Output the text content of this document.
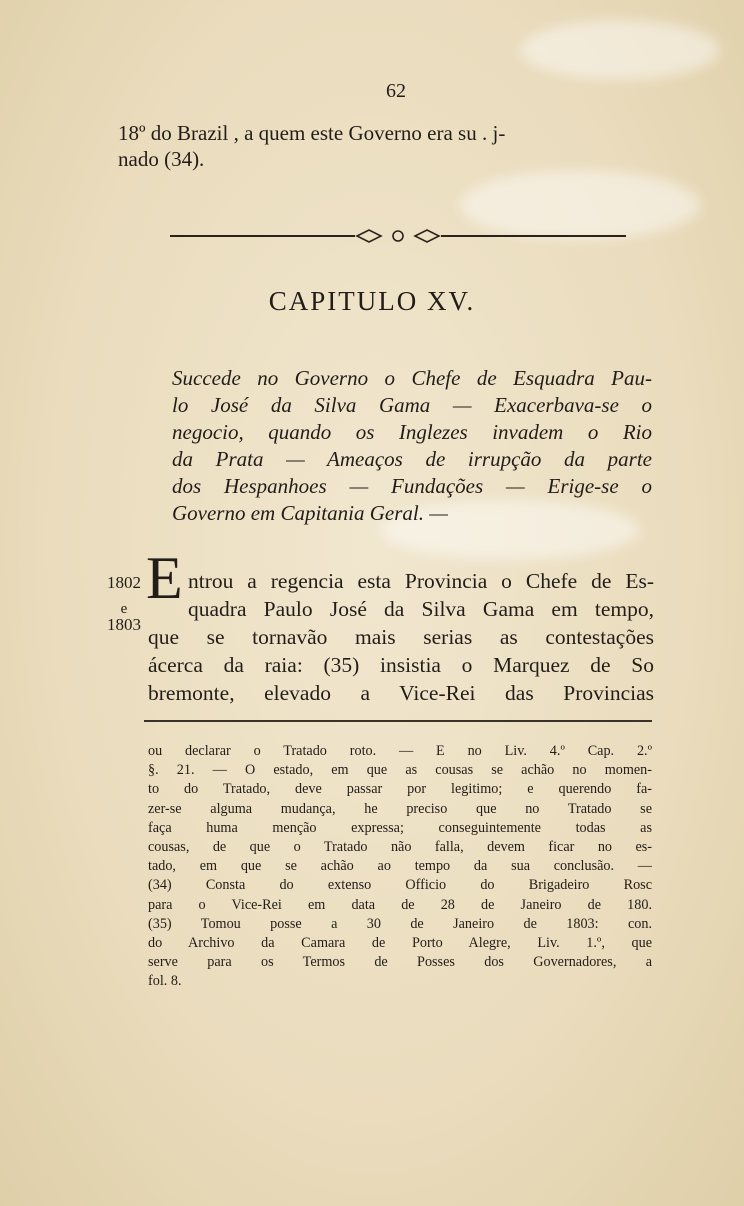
62
18º do Brazil , a quem este Governo era su . j-
nado (34).
CAPITULO XV.
Succede no Governo o Chefe de Esquadra Pau-
lo José da Silva Gama — Exacerbava-se o
negocio, quando os Inglezes invadem o Rio
da Prata — Ameaços de irrupção da parte
dos Hespanhoes — Fundações — Erige-se o
Governo em Capitania Geral. —
1802
e
1803
E ntrou a regencia esta Provincia o Chefe de Es-
quadra Paulo José da Silva Gama em tempo,
que se tornavão mais serias as contestações
ácerca da raia: (35) insistia o Marquez de So
bremonte, elevado a Vice-Rei das Provincias
ou declarar o Tratado roto. — E no Liv. 4.º Cap. 2.º
§. 21. — O estado, em que as cousas se achão no momen-
to do Tratado, deve passar por legitimo; e querendo fa-
zer-se alguma mudança, he preciso que no Tratado se
faça huma menção expressa; conseguintemente todas as
cousas, de que o Tratado não falla, devem ficar no es-
tado, em que se achão ao tempo da sua conclusão. —
(34) Consta do extenso Officio do Brigadeiro Rosc
para o Vice-Rei em data de 28 de Janeiro de 180.
(35) Tomou posse a 30 de Janeiro de 1803: con.
do Archivo da Camara de Porto Alegre, Liv. 1.º, que
serve para os Termos de Posses dos Governadores, a
fol. 8.
